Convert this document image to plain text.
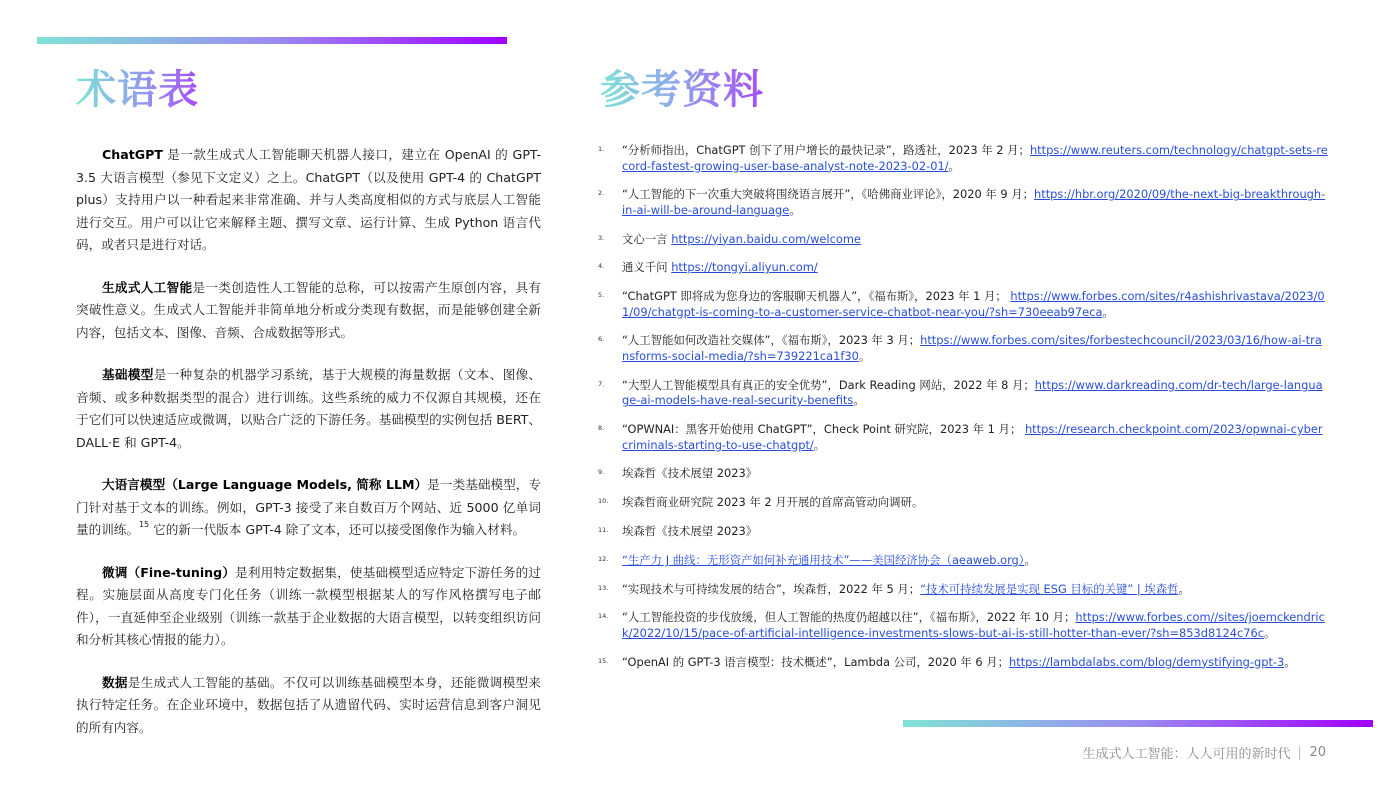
术语表

ChatGPT 是一款生成式人工智能聊天机器人接口，建立在 OpenAI 的 GPT-3.5 大语言模型（参见下文定义）之上。ChatGPT（以及使用 GPT-4 的 ChatGPT plus）支持用户以一种看起来非常准确、并与人类高度相似的方式与底层人工智能进行交互。用户可以让它来解释主题、撰写文章、运行计算、生成 Python 语言代码，或者只是进行对话。

生成式人工智能是一类创造性人工智能的总称，可以按需产生原创内容，具有突破性意义。生成式人工智能并非简单地分析或分类现有数据，而是能够创建全新内容，包括文本、图像、音频、合成数据等形式。

基础模型是一种复杂的机器学习系统，基于大规模的海量数据（文本、图像、音频、或多种数据类型的混合）进行训练。这些系统的威力不仅源自其规模，还在于它们可以快速适应或微调，以贴合广泛的下游任务。基础模型的实例包括 BERT、DALL·E 和 GPT-4。

大语言模型（Large Language Models, 简称 LLM）是一类基础模型，专门针对基于文本的训练。例如，GPT-3 接受了来自数百万个网站、近 5000 亿单词量的训练。$^{15}$ 它的新一代版本 GPT-4 除了文本，还可以接受图像作为输入材料。

微调（Fine-tuning）是利用特定数据集，使基础模型适应特定下游任务的过程。实施层面从高度专门化任务（训练一款模型根据某人的写作风格撰写电子邮件），一直延伸至企业级别（训练一款基于企业数据的大语言模型，以转变组织访问和分析其核心情报的能力）。

数据是生成式人工智能的基础。不仅可以训练基础模型本身，还能微调模型来执行特定任务。在企业环境中，数据包括了从遗留代码、实时运营信息到客户洞见的所有内容。

参考资料
1.	“分析师指出，ChatGPT 创下了用户增长的最快记录”，路透社，2023 年 2 月；https://www.reuters.com/technology/chatgpt-sets-record-fastest-growing-user-base-analyst-note-2023-02-01/。
2.	“人工智能的下一次重大突破将围绕语言展开”，《哈佛商业评论》，2020 年 9 月；https://hbr.org/2020/09/the-next-big-breakthrough-in-ai-will-be-around-language。
3.	文心一言 https://yiyan.baidu.com/welcome
4.	通义千问 https://tongyi.aliyun.com/
5.	“ChatGPT 即将成为您身边的客服聊天机器人”，《福布斯》，2023 年 1 月； https://www.forbes.com/sites/r4ashishrivastava/2023/01/09/chatgpt-is-coming-to-a-customer-service-chatbot-near-you/?sh=730eeab97eca。
6.	“人工智能如何改造社交媒体”，《福布斯》，2023 年 3 月；https://www.forbes.com/sites/forbestechcouncil/2023/03/16/how-ai-transforms-social-media/?sh=739221ca1f30。
7.	“大型人工智能模型具有真正的安全优势”，Dark Reading 网站，2022 年 8 月；https://www.darkreading.com/dr-tech/large-language-ai-models-have-real-security-benefits。
8.	“OPWNAI：黑客开始使用 ChatGPT”，Check Point 研究院，2023 年 1 月； https://research.checkpoint.com/2023/opwnai-cybercriminals-starting-to-use-chatgpt/。
9.	埃森哲《技术展望 2023》
10.	埃森哲商业研究院 2023 年 2 月开展的首席高管动向调研。
11.	埃森哲《技术展望 2023》
12.	“生产力 J 曲线：无形资产如何补充通用技术”——美国经济协会（aeaweb.org）。
13.	“实现技术与可持续发展的结合”，埃森哲，2022 年 5 月；“技术可持续发展是实现 ESG 目标的关键” | 埃森哲。
14.	“人工智能投资的步伐放缓，但人工智能的热度仍超越以往”，《福布斯》，2022 年 10 月；https://www.forbes.com//sites/joemckendrick/2022/10/15/pace-of-artificial-intelligence-investments-slows-but-ai-is-still-hotter-than-ever/?sh=853d8124c76c。
15.	“OpenAI 的 GPT-3 语言模型：技术概述”，Lambda 公司，2020 年 6 月；https://lambdalabs.com/blog/demystifying-gpt-3。
生成式人工智能：人人可用的新时代 20
